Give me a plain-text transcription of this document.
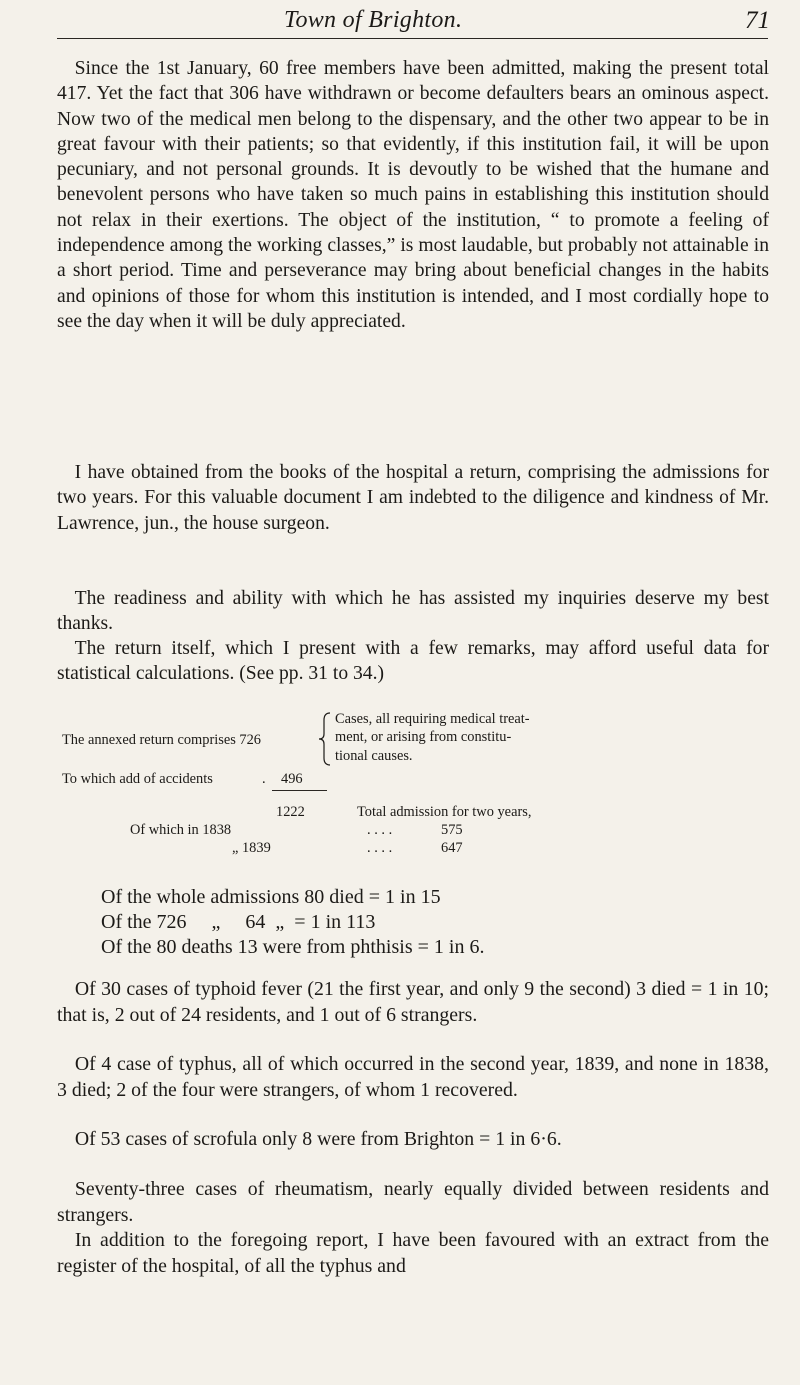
Town of Brighton.	71

Since the 1st January, 60 free members have been admitted, making the present total 417. Yet the fact that 306 have withdrawn or become defaulters bears an ominous aspect. Now two of the medical men belong to the dispensary, and the other two appear to be in great favour with their patients; so that evidently, if this institution fail, it will be upon pecuniary, and not personal grounds. It is devoutly to be wished that the humane and benevolent persons who have taken so much pains in establishing this institution should not relax in their exertions. The object of the institution, “ to promote a feeling of independence among the working classes,” is most laudable, but probably not attainable in a short period. Time and perseverance may bring about beneficial changes in the habits and opinions of those for whom this institution is intended, and I most cordially hope to see the day when it will be duly appreciated.

I have obtained from the books of the hospital a return, comprising the admissions for two years. For this valuable document I am indebted to the diligence and kindness of Mr. Lawrence, jun., the house surgeon.

The readiness and ability with which he has assisted my inquiries deserve my best thanks.

The return itself, which I present with a few remarks, may afford useful data for statistical calculations. (See pp. 31 to 34.)

The annexed return comprises 726
Cases, all requiring medical treat-
ment, or arising from constitu-
tional causes.
To which add of accidents	. 496
1222	Total admission for two years,
Of which in 1838	. . . .	575
„ 1839	. . . .	647
Of the whole admissions 80 died = 1 in 15
Of the 726     „     64  „  = 1 in 113
Of the 80 deaths 13 were from phthisis = 1 in 6.

Of 30 cases of typhoid fever (21 the first year, and only 9 the second) 3 died = 1 in 10; that is, 2 out of 24 residents, and 1 out of 6 strangers.

Of 4 case of typhus, all of which occurred in the second year, 1839, and none in 1838, 3 died; 2 of the four were strangers, of whom 1 recovered.

Of 53 cases of scrofula only 8 were from Brighton = 1 in 6·6.

Seventy-three cases of rheumatism, nearly equally divided between residents and strangers.

In addition to the foregoing report, I have been favoured with an extract from the register of the hospital, of all the typhus and
